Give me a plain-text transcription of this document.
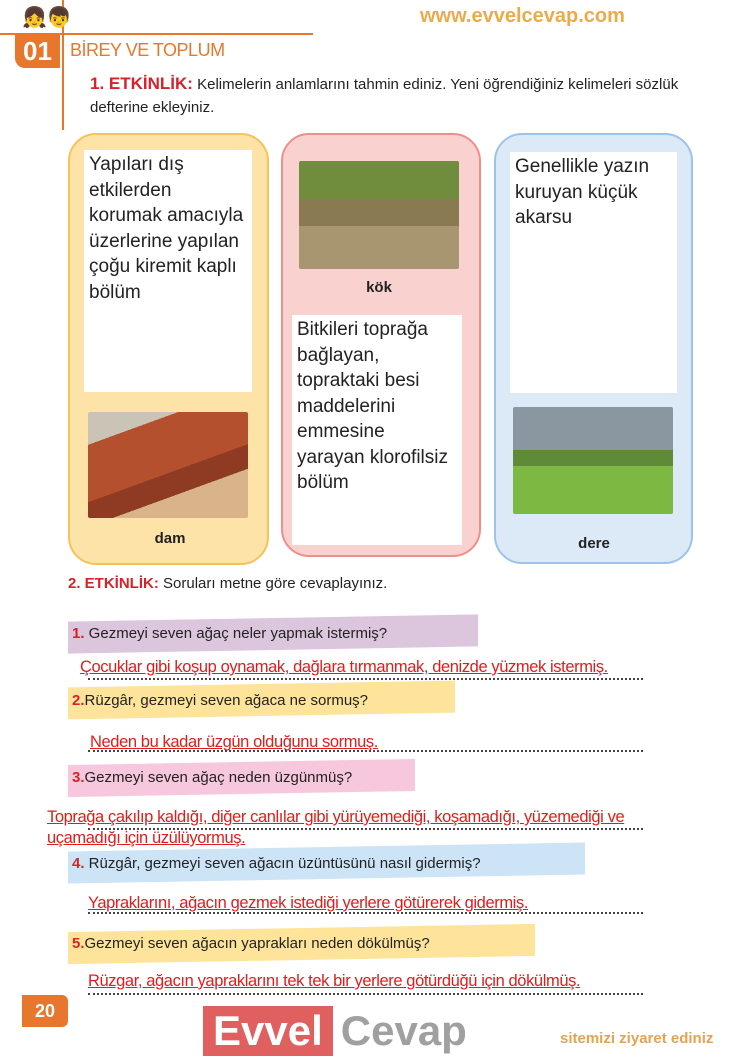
👧👦
01	BİREY VE TOPLUM
1. ETKİNLİK: Kelimelerin anlamlarını tahmin ediniz. Yeni öğrendiğiniz kelimeleri sözlük defterine ekleyiniz.
Yapıları dış etkilerden korumak amacıyla üzerlerine yapılan çoğu kiremit kaplı bölüm
dam
kök
Bitkileri toprağa bağlayan, topraktaki besi maddelerini emmesine yarayan klorofilsiz bölüm
Genellikle yazın kuruyan küçük akarsu
dere
2. ETKİNLİK: Soruları metne göre cevaplayınız.
1. Gezmeyi seven ağaç neler yapmak istermiş?
Çocuklar gibi koşup oynamak, dağlara tırmanmak, denizde yüzmek istermiş.
2.Rüzgâr, gezmeyi seven ağaca ne sormuş?
Neden bu kadar üzgün olduğunu sormuş.
3.Gezmeyi seven ağaç neden üzgünmüş?
Toprağa çakılıp kaldığı, diğer canlılar gibi yürüyemediği, koşamadığı, yüzemediği ve
uçamadığı için üzülüyormuş.
4. Rüzgâr, gezmeyi seven ağacın üzüntüsünü nasıl gidermiş?
Yapraklarını, ağacın gezmek istediği yerlere götürerek gidermiş.
5.Gezmeyi seven ağacın yaprakları neden dökülmüş?
Rüzgar, ağacın yapraklarını tek tek bir yerlere götürdüğü için dökülmüş.
20
www.evvelcevap.com
sitemizi ziyaret ediniz
Evvel Cevap
